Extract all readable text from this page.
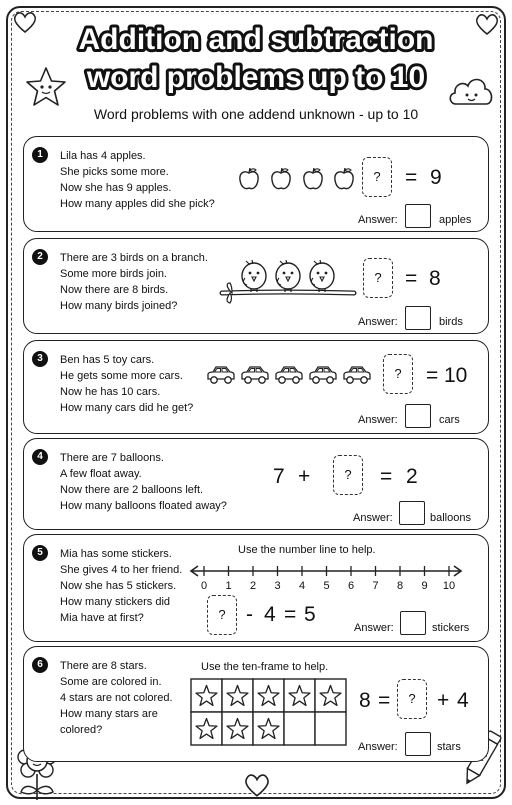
Addition and subtraction
word problems up to 10
Word problems with one addend unknown - up to 10
1	Lila has 4 apples.
She picks some more.
Now she has 9 apples.
How many apples did she pick?
?	= 9
Answer:	apples
2	There are 3 birds on a branch.
Some more birds join.
Now there are 8 birds.
How many birds joined?
?	= 8
Answer:	birds
3	Ben has 5 toy cars.
He gets some more cars.
Now he has 10 cars.
How many cars did he get?
?	= 10
Answer:	cars
4	There are 7 balloons.
A few float away.
Now there are 2 balloons left.
How many balloons floated away?
7 +	?	= 2
Answer:	balloons
5	Mia has some stickers.
She gives 4 to her friend.
Now she has 5 stickers.
How many stickers did
Mia have at first?
Use the number line to help.
0 1 2 3 4 5 6 7 8 9 10
? - 4 = 5
Answer:	stickers
6	There are 8 stars.
Some are colored in.
4 stars are not colored.
How many stars are
colored?
Use the ten-frame to help.
8 =	?	+ 4
Answer:	stars
